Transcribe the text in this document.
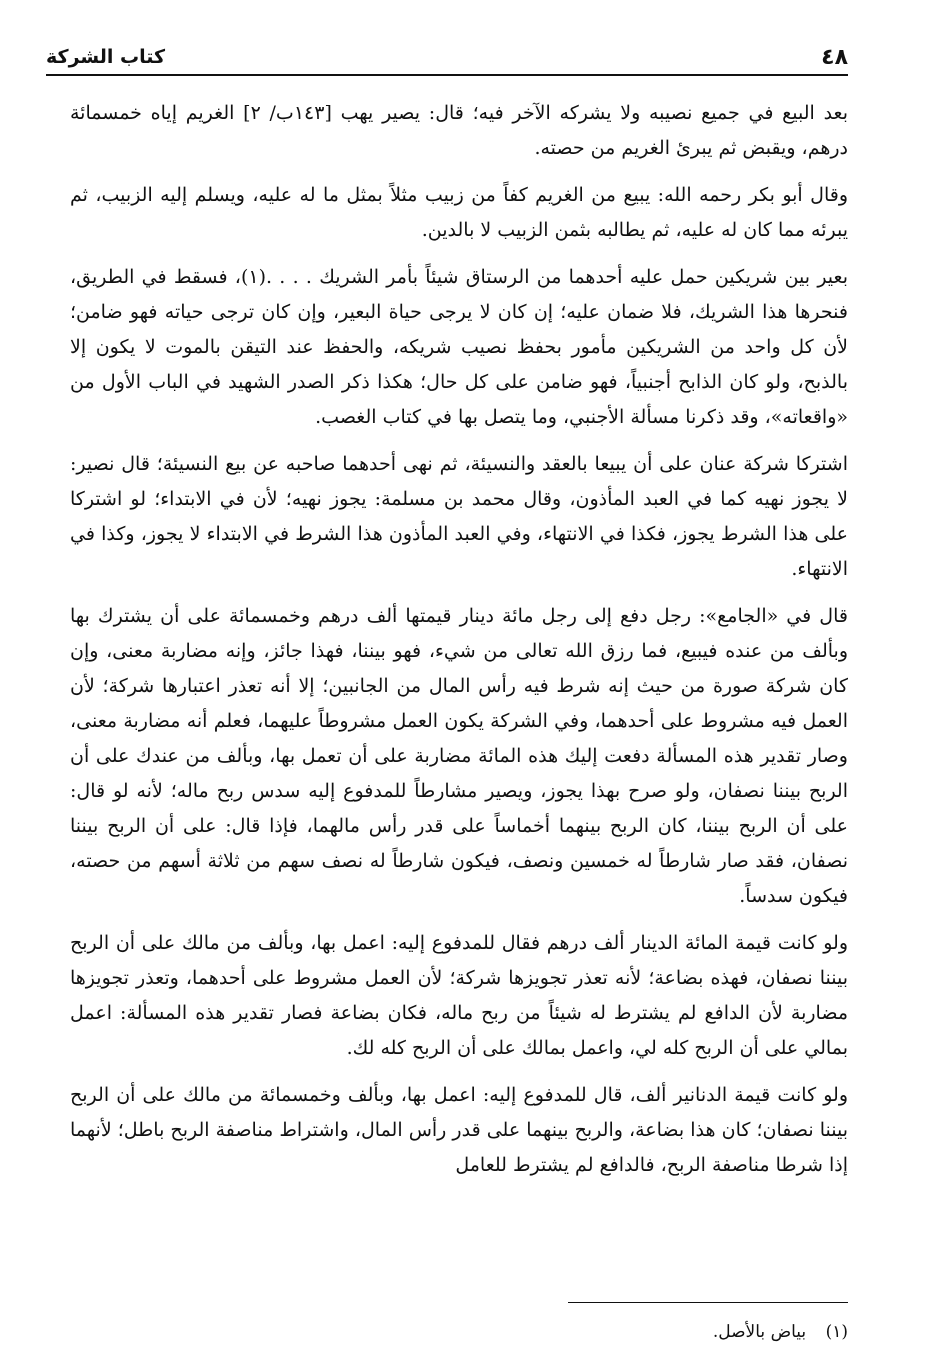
٤٨
كتاب الشركة

بعد البيع في جميع نصيبه ولا يشركه الآخر فيه؛ قال: يصير يهب [١٤٣ب/ ٢] الغريم إياه خمسمائة درهم، ويقبض ثم يبرئ الغريم من حصته.

وقال أبو بكر رحمه الله: يبيع من الغريم كفاً من زبيب مثلاً بمثل ما له عليه، ويسلم إليه الزبيب، ثم يبرئه مما كان له عليه، ثم يطالبه بثمن الزبيب لا بالدين.

بعير بين شريكين حمل عليه أحدهما من الرستاق شيئاً بأمر الشريك . . . .(١)، فسقط في الطريق، فنحرها هذا الشريك، فلا ضمان عليه؛ إن كان لا يرجى حياة البعير، وإن كان ترجى حياته فهو ضامن؛ لأن كل واحد من الشريكين مأمور بحفظ نصيب شريكه، والحفظ عند التيقن بالموت لا يكون إلا بالذبح، ولو كان الذابح أجنبياً، فهو ضامن على كل حال؛ هكذا ذكر الصدر الشهيد في الباب الأول من «واقعاته»، وقد ذكرنا مسألة الأجنبي، وما يتصل بها في كتاب الغصب.

اشتركا شركة عنان على أن يبيعا بالعقد والنسيئة، ثم نهى أحدهما صاحبه عن بيع النسيئة؛ قال نصير: لا يجوز نهيه كما في العبد المأذون، وقال محمد بن مسلمة: يجوز نهيه؛ لأن في الابتداء؛ لو اشتركا على هذا الشرط يجوز، فكذا في الانتهاء، وفي العبد المأذون هذا الشرط في الابتداء لا يجوز، وكذا في الانتهاء.

قال في «الجامع»: رجل دفع إلى رجل مائة دينار قيمتها ألف درهم وخمسمائة على أن يشترك بها وبألف من عنده فيبيع، فما رزق الله تعالى من شيء، فهو بيننا، فهذا جائز، وإنه مضاربة معنى، وإن كان شركة صورة من حيث إنه شرط فيه رأس المال من الجانبين؛ إلا أنه تعذر اعتبارها شركة؛ لأن العمل فيه مشروط على أحدهما، وفي الشركة يكون العمل مشروطاً عليهما، فعلم أنه مضاربة معنى، وصار تقدير هذه المسألة دفعت إليك هذه المائة مضاربة على أن تعمل بها، وبألف من عندك على أن الربح بيننا نصفان، ولو صرح بهذا يجوز، ويصير مشارطاً للمدفوع إليه سدس ربح ماله؛ لأنه لو قال: على أن الربح بيننا، كان الربح بينهما أخماساً على قدر رأس مالهما، فإذا قال: على أن الربح بيننا نصفان، فقد صار شارطاً له خمسين ونصف، فيكون شارطاً له نصف سهم من ثلاثة أسهم من حصته، فيكون سدساً.

ولو كانت قيمة المائة الدينار ألف درهم فقال للمدفوع إليه: اعمل بها، وبألف من مالك على أن الربح بيننا نصفان، فهذه بضاعة؛ لأنه تعذر تجويزها شركة؛ لأن العمل مشروط على أحدهما، وتعذر تجويزها مضاربة لأن الدافع لم يشترط له شيئاً من ربح ماله، فكان بضاعة فصار تقدير هذه المسألة: اعمل بمالي على أن الربح كله لي، واعمل بمالك على أن الربح كله لك.

ولو كانت قيمة الدنانير ألف، قال للمدفوع إليه: اعمل بها، وبألف وخمسمائة من مالك على أن الربح بيننا نصفان؛ كان هذا بضاعة، والربح بينهما على قدر رأس المال، واشتراط مناصفة الربح باطل؛ لأنهما إذا شرطا مناصفة الربح، فالدافع لم يشترط للعامل

(١) بياض بالأصل.
